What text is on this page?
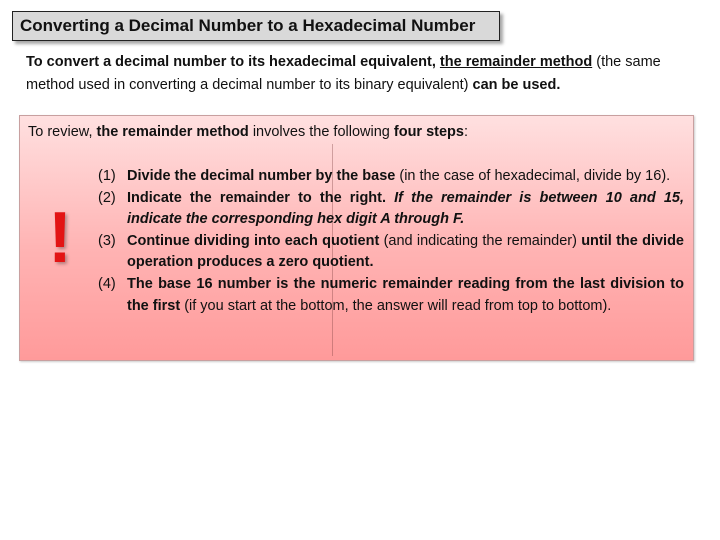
Converting a Decimal Number to a Hexadecimal Number
To convert a decimal number to its hexadecimal equivalent, the remainder method (the same method used in converting a decimal number to its binary equivalent) can be used.
To review, the remainder method involves the following four steps:
!
(1) Divide the decimal number by the base (in the case of hexadecimal, divide by 16).
(2) Indicate the remainder to the right. If the remainder is between 10 and 15, indicate the corresponding hex digit A through F.
(3) Continue dividing into each quotient (and indicating the remainder) until the divide operation produces a zero quotient.
(4) The base 16 number is the numeric remainder reading from the last division to the first (if you start at the bottom, the answer will read from top to bottom).
